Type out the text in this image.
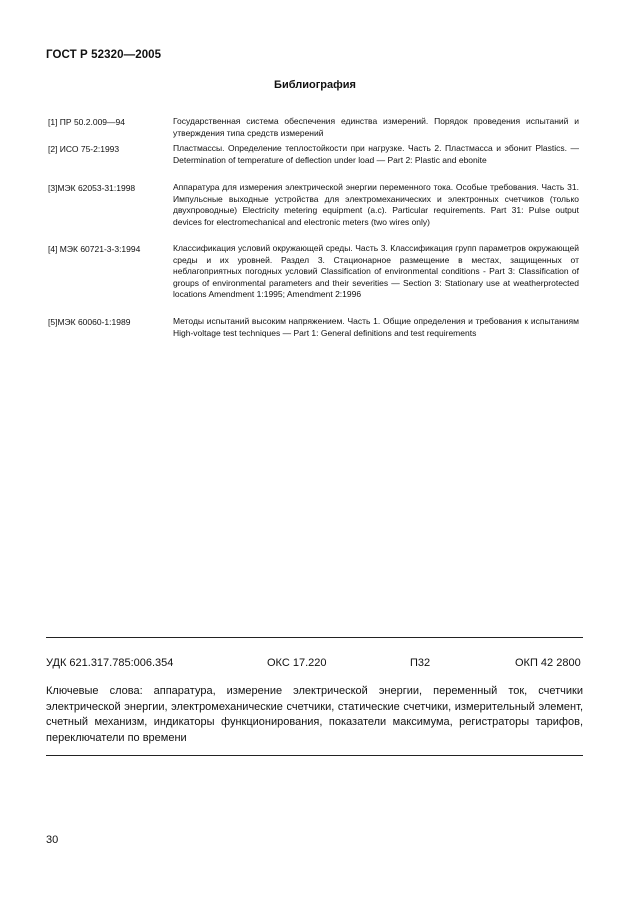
ГОСТ Р 52320—2005
Библиография
[1] ПР 50.2.009—94	Государственная система обеспечения единства измерений. Порядок проведения испытаний и утверждения типа средств измерений
[2] ИСО 75-2:1993	Пластмассы. Определение теплостойкости при нагрузке. Часть 2. Пластмасса и эбонит Plastics. — Determination of temperature of deflection under load — Part 2: Plastic and ebonite
[3]МЭК 62053-31:1998	Аппаратура для измерения электрической энергии переменного тока. Особые требования. Часть 31. Импульсные выходные устройства для электромеханических и электронных счетчиков (только двухпроводные) Electricity metering equipment (a.c). Particular requirements. Part 31: Pulse output devices for electromechanical and electronic meters (two wires only)
[4] МЭК 60721-3-3:1994	Классификация условий окружающей среды. Часть 3. Классификация групп параметров окружающей среды и их уровней. Раздел 3. Стационарное размещение в местах, защищенных от неблагоприятных погодных условий Classification of environmental conditions - Part 3: Classification of groups of environmental parameters and their severities — Section 3: Stationary use at weatherprotected locations Amendment 1:1995; Amendment 2:1996
[5]МЭК 60060-1:1989	Методы испытаний высоким напряжением. Часть 1. Общие определения и требования к испытаниям High-voltage test techniques — Part 1: General definitions and test requirements
УДК 621.317.785:006.354	ОКС 17.220	П32	ОКП 42 2800
Ключевые слова: аппаратура, измерение электрической энергии, переменный ток, счетчики электрической энергии, электромеханические счетчики, статические счетчики, измерительный элемент, счетный механизм, индикаторы функционирования, показатели максимума, регистраторы тарифов, переключатели по времени
30
